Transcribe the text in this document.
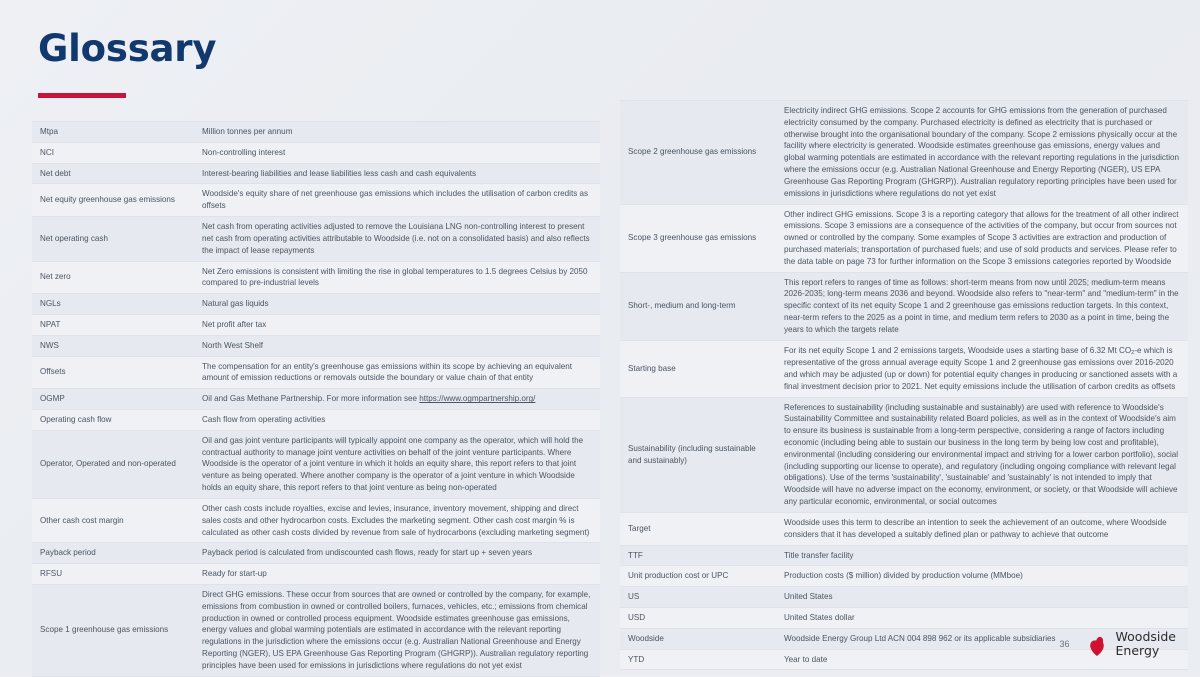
Glossary
Mtpa	Million tonnes per annum
NCI	Non-controlling interest
Net debt	Interest-bearing liabilities and lease liabilities less cash and cash equivalents
Net equity greenhouse gas emissions	Woodside's equity share of net greenhouse gas emissions which includes the utilisation of carbon credits as offsets
Net operating cash	Net cash from operating activities adjusted to remove the Louisiana LNG non-controlling interest to present net cash from operating activities attributable to Woodside (i.e. not on a consolidated basis) and also reflects the impact of lease repayments
Net zero	Net Zero emissions is consistent with limiting the rise in global temperatures to 1.5 degrees Celsius by 2050 compared to pre-industrial levels
NGLs	Natural gas liquids
NPAT	Net profit after tax
NWS	North West Shelf
Offsets	The compensation for an entity's greenhouse gas emissions within its scope by achieving an equivalent amount of emission reductions or removals outside the boundary or value chain of that entity
OGMP	Oil and Gas Methane Partnership. For more information see https://www.ogmpartnership.org/
Operating cash flow	Cash flow from operating activities
Operator, Operated and non-operated	Oil and gas joint venture participants will typically appoint one company as the operator, which will hold the contractual authority to manage joint venture activities on behalf of the joint venture participants. Where Woodside is the operator of a joint venture in which it holds an equity share, this report refers to that joint venture as being operated. Where another company is the operator of a joint venture in which Woodside holds an equity share, this report refers to that joint venture as being non-operated
Other cash cost margin	Other cash costs include royalties, excise and levies, insurance, inventory movement, shipping and direct sales costs and other hydrocarbon costs. Excludes the marketing segment. Other cash cost margin % is calculated as other cash costs divided by revenue from sale of hydrocarbons (excluding marketing segment)
Payback period	Payback period is calculated from undiscounted cash flows, ready for start up + seven years
RFSU	Ready for start-up
Scope 1 greenhouse gas emissions	Direct GHG emissions. These occur from sources that are owned or controlled by the company, for example, emissions from combustion in owned or controlled boilers, furnaces, vehicles, etc.; emissions from chemical production in owned or controlled process equipment. Woodside estimates greenhouse gas emissions, energy values and global warming potentials are estimated in accordance with the relevant reporting regulations in the jurisdiction where the emissions occur (e.g. Australian National Greenhouse and Energy Reporting (NGER), US EPA Greenhouse Gas Reporting Program (GHGRP)). Australian regulatory reporting principles have been used for emissions in jurisdictions where regulations do not yet exist
Scope 2 greenhouse gas emissions	Electricity indirect GHG emissions. Scope 2 accounts for GHG emissions from the generation of purchased electricity consumed by the company. Purchased electricity is defined as electricity that is purchased or otherwise brought into the organisational boundary of the company. Scope 2 emissions physically occur at the facility where electricity is generated. Woodside estimates greenhouse gas emissions, energy values and global warming potentials are estimated in accordance with the relevant reporting regulations in the jurisdiction where the emissions occur (e.g. Australian National Greenhouse and Energy Reporting (NGER), US EPA Greenhouse Gas Reporting Program (GHGRP)). Australian regulatory reporting principles have been used for emissions in jurisdictions where regulations do not yet exist
Scope 3 greenhouse gas emissions	Other indirect GHG emissions. Scope 3 is a reporting category that allows for the treatment of all other indirect emissions. Scope 3 emissions are a consequence of the activities of the company, but occur from sources not owned or controlled by the company. Some examples of Scope 3 activities are extraction and production of purchased materials; transportation of purchased fuels; and use of sold products and services. Please refer to the data table on page 73 for further information on the Scope 3 emissions categories reported by Woodside
Short-, medium and long-term	This report refers to ranges of time as follows: short-term means from now until 2025; medium-term means 2026-2035; long-term means 2036 and beyond. Woodside also refers to "near-term" and "medium-term" in the specific context of its net equity Scope 1 and 2 greenhouse gas emissions reduction targets. In this context, near-term refers to the 2025 as a point in time, and medium term refers to 2030 as a point in time, being the years to which the targets relate
Starting base	For its net equity Scope 1 and 2 emissions targets, Woodside uses a starting base of 6.32 Mt $CO_2-e$ which is representative of the gross annual average equity Scope 1 and 2 greenhouse gas emissions over 2016-2020 and which may be adjusted (up or down) for potential equity changes in producing or sanctioned assets with a final investment decision prior to 2021. Net equity emissions include the utilisation of carbon credits as offsets
Sustainability (including sustainable and sustainably)	References to sustainability (including sustainable and sustainably) are used with reference to Woodside's Sustainability Committee and sustainability related Board policies, as well as in the context of Woodside's aim to ensure its business is sustainable from a long-term perspective, considering a range of factors including economic (including being able to sustain our business in the long term by being low cost and profitable), environmental (including considering our environmental impact and striving for a lower carbon portfolio), social (including supporting our license to operate), and regulatory (including ongoing compliance with relevant legal obligations). Use of the terms 'sustainability', 'sustainable' and 'sustainably' is not intended to imply that Woodside will have no adverse impact on the economy, environment, or society, or that Woodside will achieve any particular economic, environmental, or social outcomes
Target	Woodside uses this term to describe an intention to seek the achievement of an outcome, where Woodside considers that it has developed a suitably defined plan or pathway to achieve that outcome
TTF	Title transfer facility
Unit production cost or UPC	Production costs ($ million) divided by production volume (MMboe)
US	United States
USD	United States dollar
Woodside	Woodside Energy Group Ltd ACN 004 898 962 or its applicable subsidiaries
YTD	Year to date
36	Woodside
Energy
